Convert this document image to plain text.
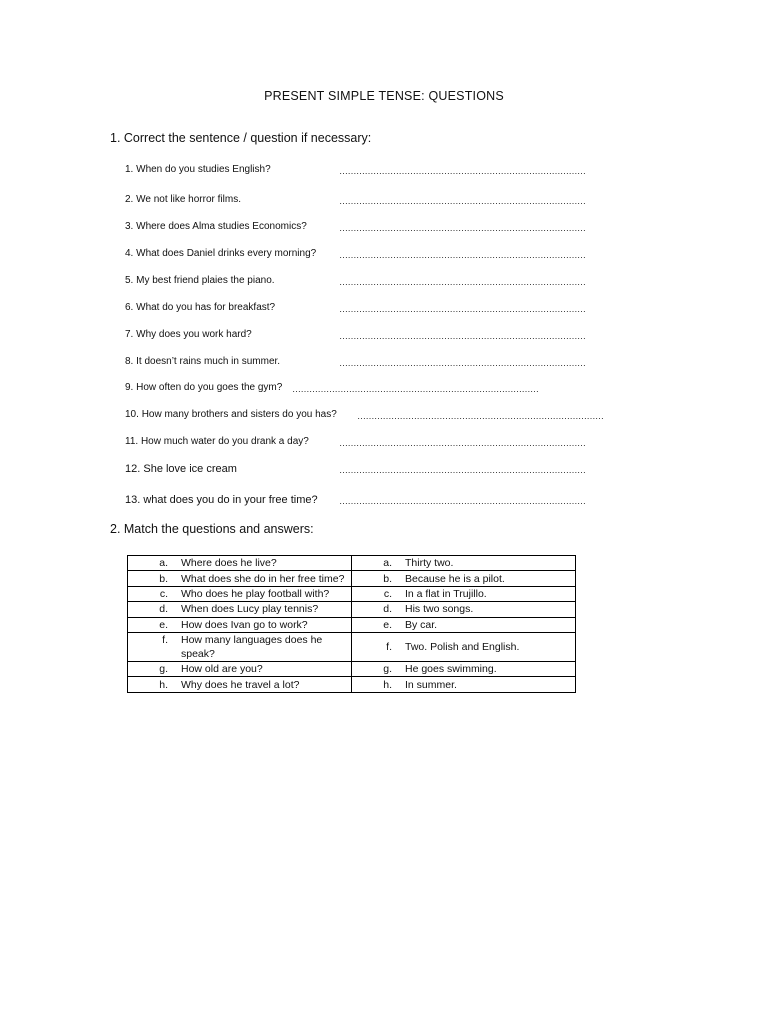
PRESENT SIMPLE TENSE: QUESTIONS
1. Correct the sentence / question if necessary:
1. When do you studies English?	……………………………………………………………………………
2. We not like horror films.	……………………………………………………………………………
3. Where does Alma studies Economics?	……………………………………………………………………………
4. What does Daniel drinks every morning?	……………………………………………………………………………
5. My best friend plaies the piano.	……………………………………………………………………………
6. What do you has for breakfast?	……………………………………………………………………………
7. Why does you work hard?	……………………………………………………………………………
8. It doesn’t rains much in summer.	……………………………………………………………………………
9. How often do you goes the gym? ……………………………………………………………………………
10. How many brothers and sisters do you has? ……………………………………………………………………………
11. How much water do you drank a day?	……………………………………………………………………………
12. She love ice cream	……………………………………………………………………………
13. what does you do in your free time? ……………………………………………………………………………
2. Match the questions and answers:
a. Where does he live?	a. Thirty two.

b. What does she do in her free time?	b. Because he is a pilot.

c. Who does he play football with?	c. In a flat in Trujillo.

d. When does Lucy play tennis?	d. His two songs.

e. How does Ivan go to work?	e. By car.

f. How many languages does he speak?	f. Two. Polish and English.

g. How old are you?	g. He goes swimming.

h. Why does he travel a lot?	h. In summer.
